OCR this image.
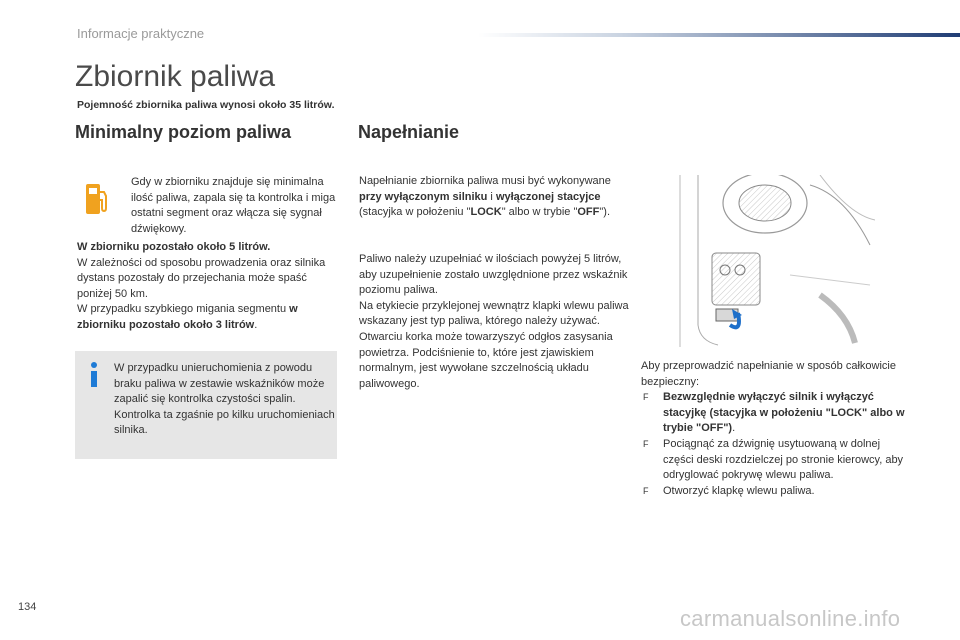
Informacje praktyczne
Zbiornik paliwa
Pojemność zbiornika paliwa wynosi około 35 litrów.
Minimalny poziom paliwa	Napełnianie
Gdy w zbiorniku znajduje się minimalna ilość paliwa, zapala się ta kontrolka i miga ostatni segment oraz włącza się sygnał dźwiękowy.
W zbiorniku pozostało około 5 litrów.
W zależności od sposobu prowadzenia oraz silnika dystans pozostały do przejechania może spaść poniżej 50 km.
W przypadku szybkiego migania segmentu w zbiorniku pozostało około 3 litrów.
W przypadku unieruchomienia z powodu braku paliwa w zestawie wskaźników może zapalić się kontrolka czystości spalin. Kontrolka ta zgaśnie po kilku uruchomieniach silnika.
Napełnianie zbiornika paliwa musi być wykonywane przy wyłączonym silniku i wyłączonej stacyjce (stacyjka w położeniu "LOCK" albo w trybie "OFF").
Paliwo należy uzupełniać w ilościach powyżej 5 litrów, aby uzupełnienie zostało uwzględnione przez wskaźnik poziomu paliwa.
Na etykiecie przyklejonej wewnątrz klapki wlewu paliwa wskazany jest typ paliwa, którego należy używać.
Otwarciu korka może towarzyszyć odgłos zasysania powietrza. Podciśnienie to, które jest zjawiskiem normalnym, jest wywołane szczelnością układu paliwowego.
Aby przeprowadzić napełnianie w sposób całkowicie bezpieczny:
F Bezwzględnie wyłączyć silnik i wyłączyć stacyjkę (stacyjka w położeniu "LOCK" albo w trybie "OFF").
F Pociągnąć za dźwignię usytuowaną w dolnej części deski rozdzielczej po stronie kierowcy, aby odryglować pokrywę wlewu paliwa.
F Otworzyć klapkę wlewu paliwa.
134	carmanualsonline.info
